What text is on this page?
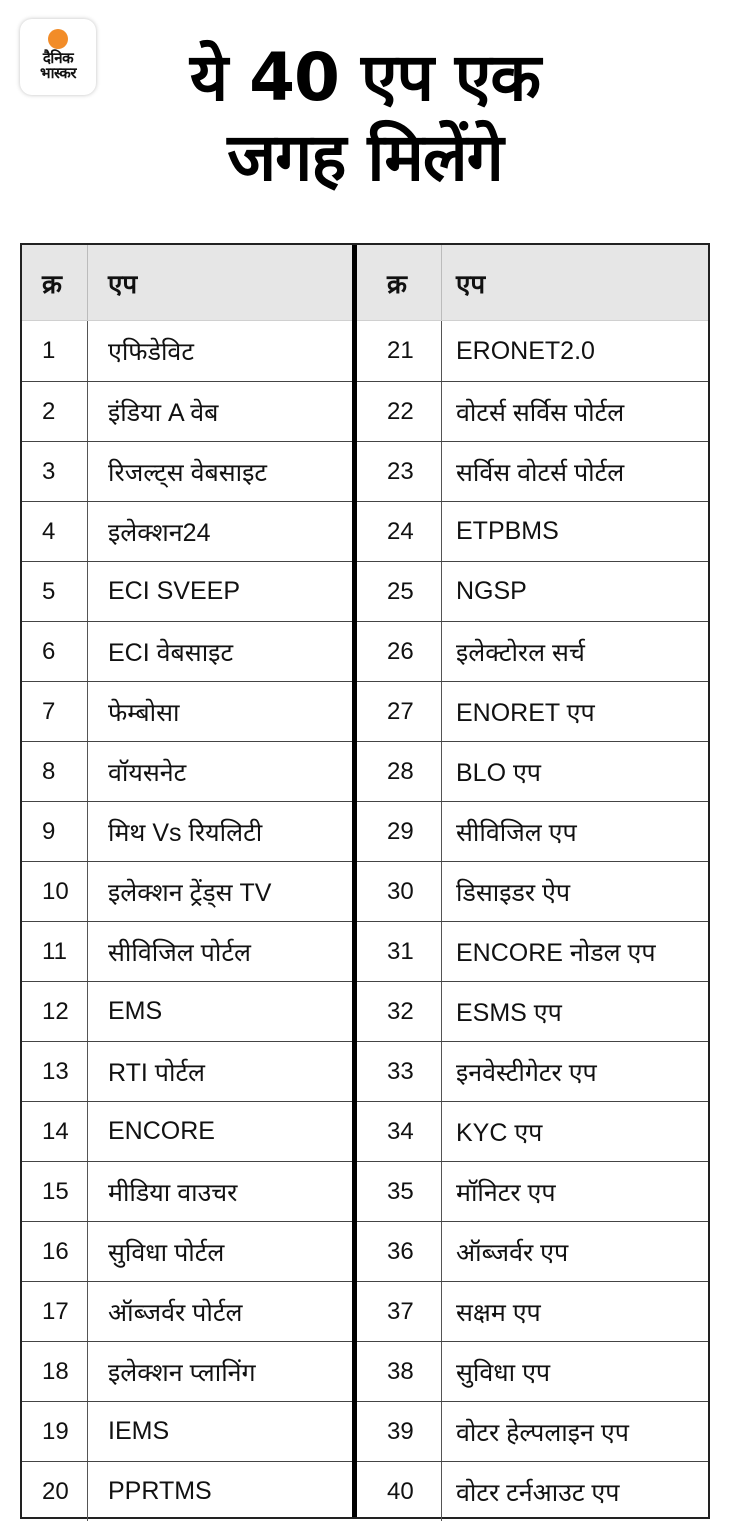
दैनिक
भास्कर	ये 40 एप एक
जगह मिलेंगे
क्र	एप
1	एफिडेविट
2	इंडिया A वेब
3	रिजल्ट्स वेबसाइट
4	इलेक्शन24
5	ECI SVEEP
6	ECI वेबसाइट
7	फेम्बोसा
8	वॉयसनेट
9	मिथ Vs रियलिटी
10	इलेक्शन ट्रेंड्स TV
11	सीविजिल पोर्टल
12	EMS
13	RTI पोर्टल
14	ENCORE
15	मीडिया वाउचर
16	सुविधा पोर्टल
17	ऑब्जर्वर पोर्टल
18	इलेक्शन प्लानिंग
19	IEMS
20	PPRTMS
क्र	एप
21	ERONET2.0
22	वोटर्स सर्विस पोर्टल
23	सर्विस वोटर्स पोर्टल
24	ETPBMS
25	NGSP
26	इलेक्टोरल सर्च
27	ENORET एप
28	BLO एप
29	सीविजिल एप
30	डिसाइडर ऐप
31	ENCORE नोडल एप
32	ESMS एप
33	इनवेस्टीगेटर एप
34	KYC एप
35	मॉनिटर एप
36	ऑब्जर्वर एप
37	सक्षम एप
38	सुविधा एप
39	वोटर हेल्पलाइन एप
40	वोटर टर्नआउट एप
